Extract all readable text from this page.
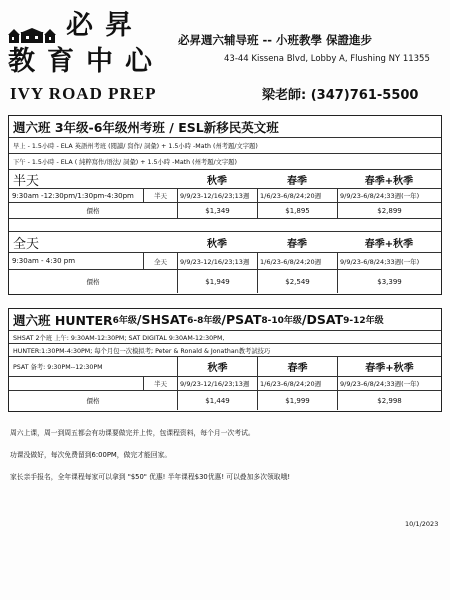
必昇
教育中心
IVY ROAD PREP
必昇週六辅导班 -- 小班教學 保證進步
43-44 Kissena Blvd, Lobby A, Flushing NY 11355
梁老師: (347)761-5500
週六班 3年级-6年级州考班 / ESL新移民英文班
早上 - 1.5小時 - ELA 英語州考班 (閱讀/ 寫作/ 詞彙) + 1.5小時 -Math (州考題/文字題)
下午 - 1.5小時 - ELA ( 純粹寫作/语法/ 詞彙) + 1.5小時 -Math (州考題/文字題)
半天	秋季	春季	春季+秋季
9:30am -12:30pm/1:30pm-4:30pm	半天	9/9/23-12/16/23;13週	1/6/23-6/8/24;20週	9/9/23-6/8/24;33週(一年)
價格	$1,349	$1,895	$2,899
全天	秋季	春季	春季+秋季
9:30am - 4:30 pm	全天	9/9/23-12/16/23;13週	1/6/23-6/8/24;20週	9/9/23-6/8/24;33週(一年)
價格	$1,949	$2,549	$3,399
週六班 HUNTER 6年级 /SHSAT 6-8年级 /PSAT 8-10年级 /DSAT 9-12年级
SHSAT 2个班 上午: 9:30AM-12:30PM; SAT DIGITAL 9:30AM-12:30PM,
HUNTER:1:30PM-4:30PM; 每个月包一次模拟考; Peter & Ronald & Jonathan教考試技巧
PSAT 备考: 9:30PM--12:30PM	秋季	春季	春季+秋季
半天	9/9/23-12/16/23;13週	1/6/23-6/8/24;20週	9/9/23-6/8/24;33週(一年)
價格	$1,449	$1,999	$2,998

周六上课，周一到周五都会有功课要做完并上传，包课程资料，每个月一次考试。

功课没做好，每次免费留到6:00PM，做完才能回家。

家长亲手报名，全年课程每家可以拿到 "$50" 优惠! 半年课程$30优惠! 可以叠加多次领取哦!

10/1/2023
